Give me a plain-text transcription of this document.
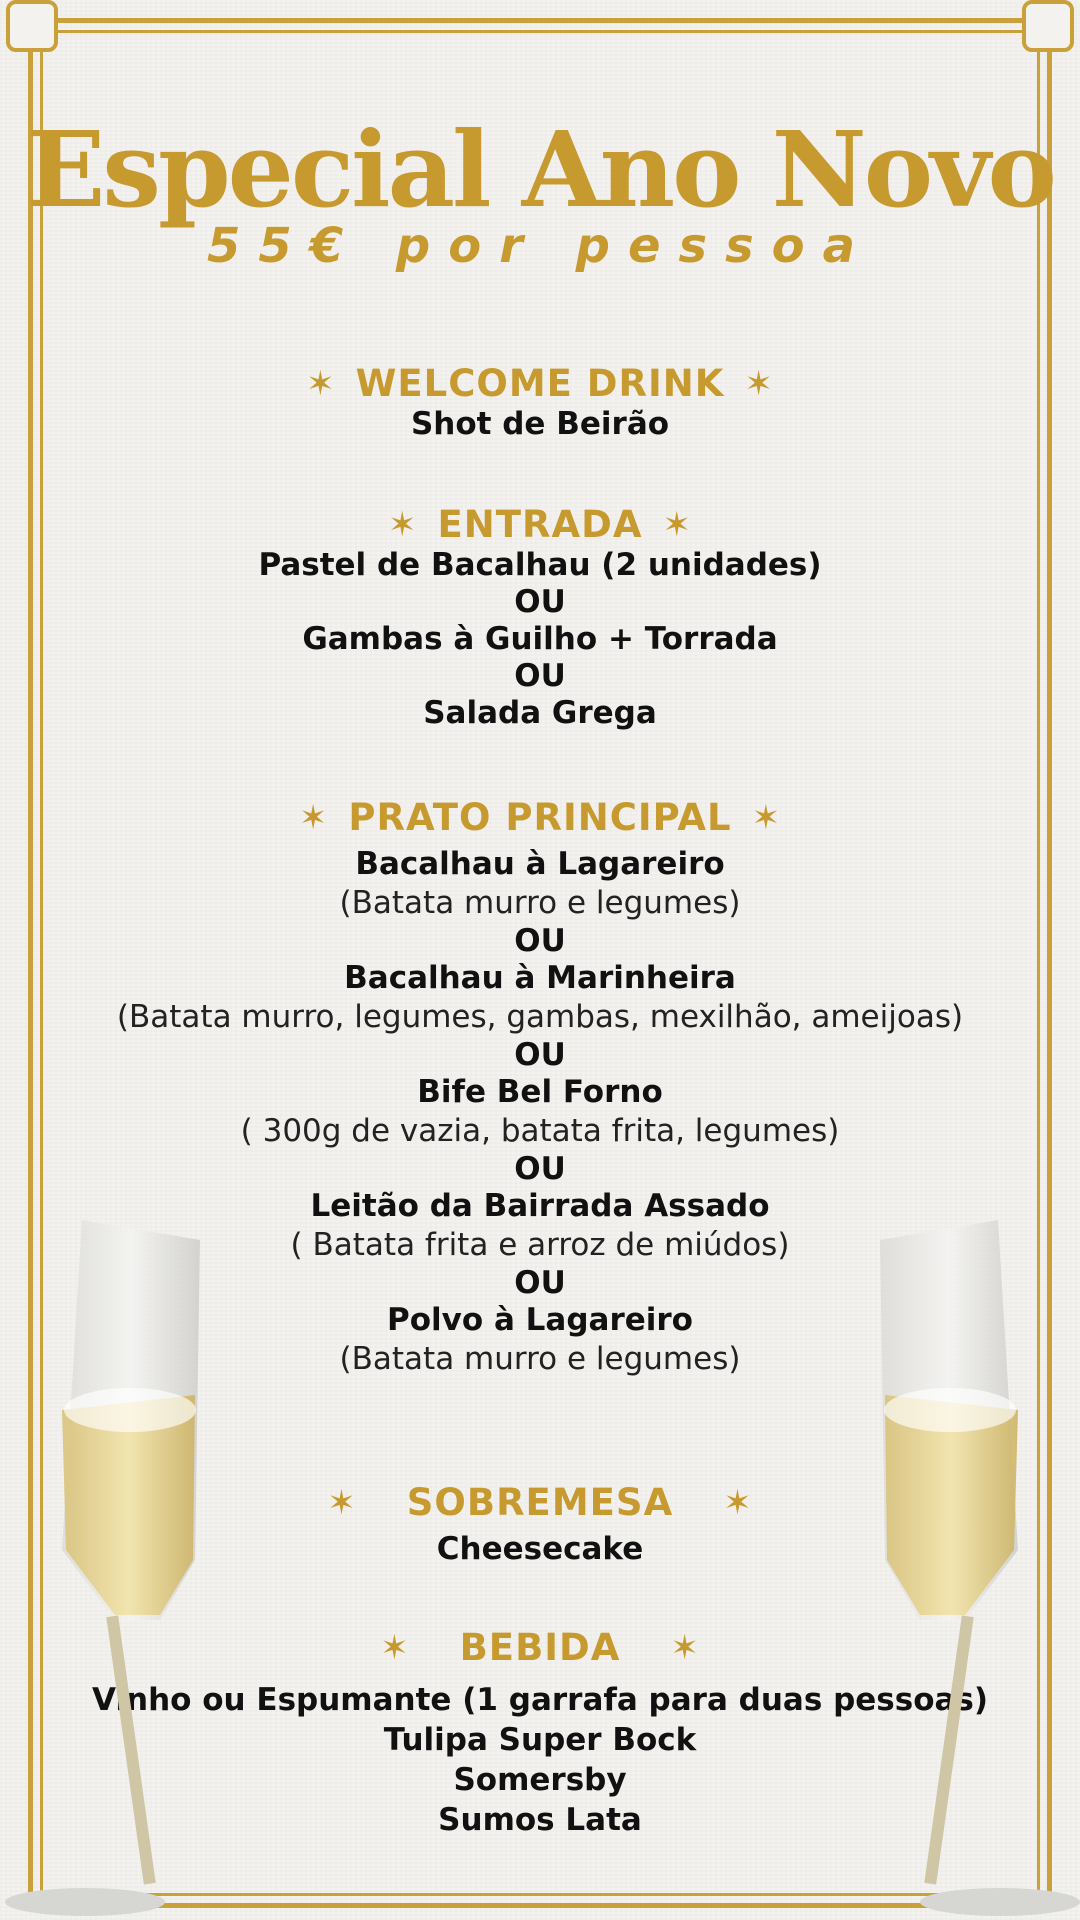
Especial Ano Novo
55€ por pessoa
✶ WELCOME DRINK ✶
Shot de Beirão
✶ ENTRADA ✶
Pastel de Bacalhau (2 unidades)
OU
Gambas à Guilho + Torrada
OU
Salada Grega
✶ PRATO PRINCIPAL ✶
Bacalhau à Lagareiro
(Batata murro e legumes)
OU
Bacalhau à Marinheira
(Batata murro, legumes, gambas, mexilhão, ameijoas)
OU
Bife Bel Forno
( 300g de vazia, batata frita, legumes)
OU
Leitão da Bairrada Assado
( Batata frita e arroz de miúdos)
OU
Polvo à Lagareiro
(Batata murro e legumes)
✶ SOBREMESA ✶
Cheesecake
✶ BEBIDA ✶
Vinho ou Espumante (1 garrafa para duas pessoas)
Tulipa Super Bock
Somersby
Sumos Lata
